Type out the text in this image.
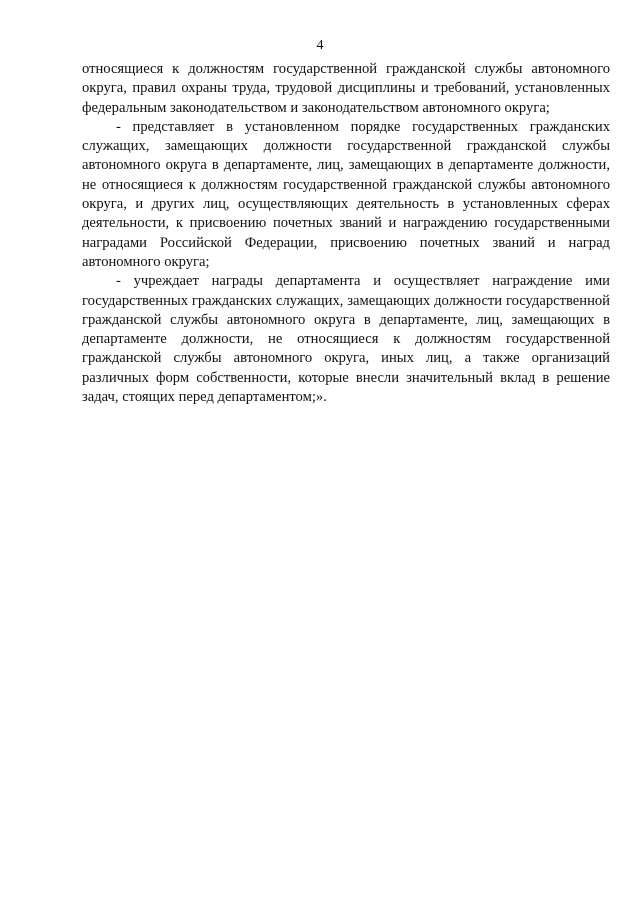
4

относящиеся к должностям государственной гражданской службы автономного округа, правил охраны труда, трудовой дисциплины и требований, установленных федеральным законодательством и законодательством автономного округа;

- представляет в установленном порядке государственных гражданских служащих, замещающих должности государственной гражданской службы автономного округа в департаменте, лиц, замещающих в департаменте должности, не относящиеся к должностям государственной гражданской службы автономного округа, и других лиц, осуществляющих деятельность в установленных сферах деятельности, к присвоению почетных званий и награждению государственными наградами Российской Федерации, присвоению почетных званий и наград автономного округа;

- учреждает награды департамента и осуществляет награждение ими государственных гражданских служащих, замещающих должности государственной гражданской службы автономного округа в департаменте, лиц, замещающих в департаменте должности, не относящиеся к должностям государственной гражданской службы автономного округа, иных лиц, а также организаций различных форм собственности, которые внесли значительный вклад в решение задач, стоящих перед департаментом;».
